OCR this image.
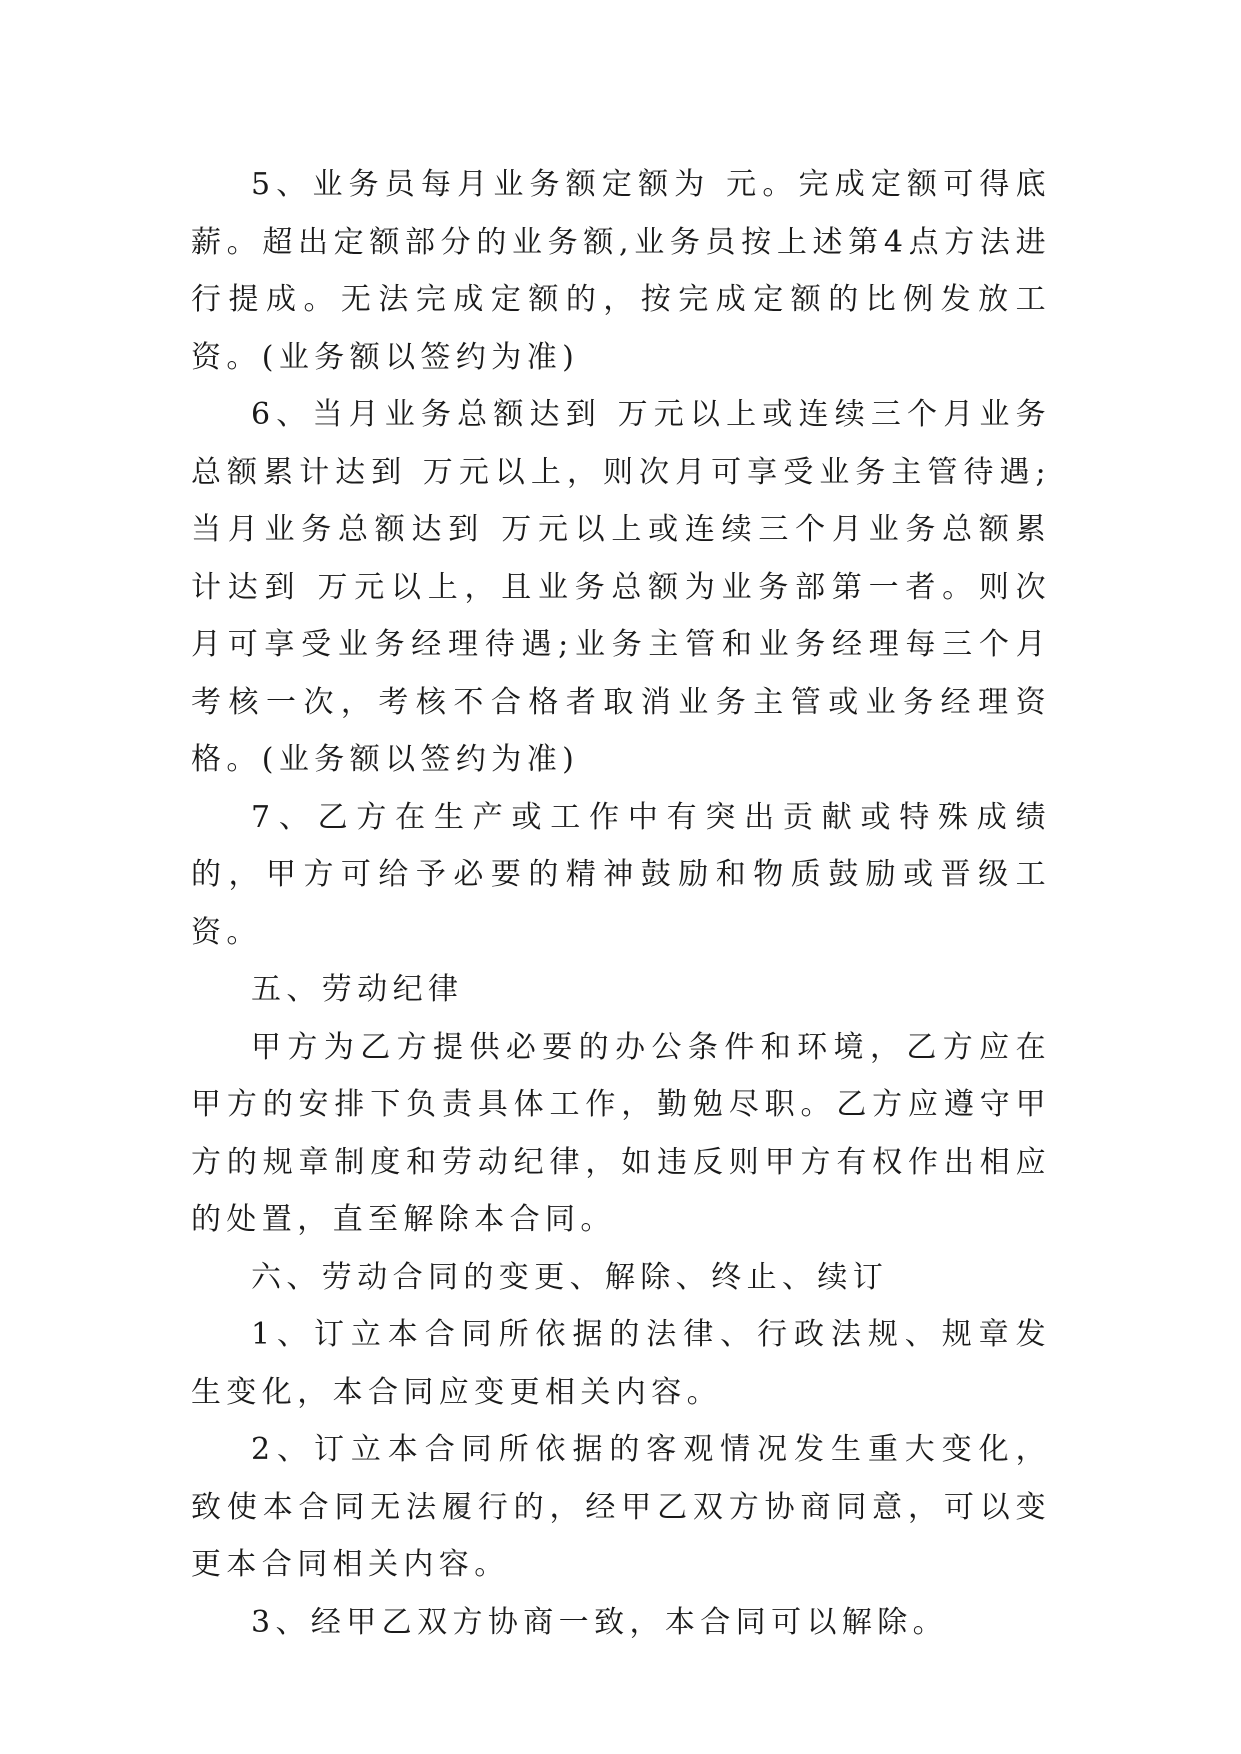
5、业务员每月业务额定额为 元。完成定额可得底薪。超出定额部分的业务额,业务员按上述第4点方法进行提成。无法完成定额的，按完成定额的比例发放工资。(业务额以签约为准)

6、当月业务总额达到 万元以上或连续三个月业务总额累计达到 万元以上，则次月可享受业务主管待遇;当月业务总额达到 万元以上或连续三个月业务总额累计达到 万元以上，且业务总额为业务部第一者。则次月可享受业务经理待遇;业务主管和业务经理每三个月考核一次，考核不合格者取消业务主管或业务经理资格。(业务额以签约为准)

7、乙方在生产或工作中有突出贡献或特殊成绩的，甲方可给予必要的精神鼓励和物质鼓励或晋级工资。

五、劳动纪律

甲方为乙方提供必要的办公条件和环境，乙方应在甲方的安排下负责具体工作，勤勉尽职。乙方应遵守甲方的规章制度和劳动纪律，如违反则甲方有权作出相应的处置，直至解除本合同。

六、劳动合同的变更、解除、终止、续订

1、订立本合同所依据的法律、行政法规、规章发生变化，本合同应变更相关内容。

2、订立本合同所依据的客观情况发生重大变化，致使本合同无法履行的，经甲乙双方协商同意，可以变更本合同相关内容。

3、经甲乙双方协商一致，本合同可以解除。
